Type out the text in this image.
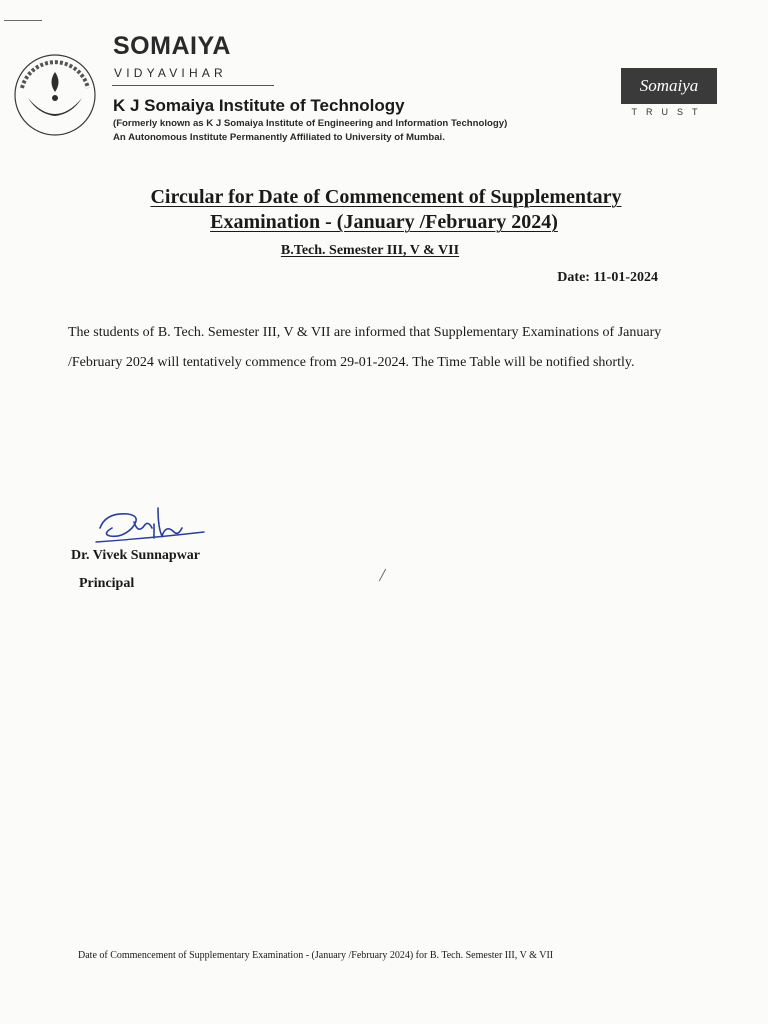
SOMAIYA
VIDYAVIHAR
K J Somaiya Institute of Technology
(Formerly known as K J Somaiya Institute of Engineering and Information Technology)
An Autonomous Institute Permanently Affiliated to University of Mumbai.
Somaiya
TRUST
Circular for Date of Commencement of Supplementary
Examination - (January /February 2024)
B.Tech. Semester III, V & VII
Date: 11-01-2024
The students of B. Tech. Semester III, V & VII are informed that Supplementary Examinations of January /February 2024 will tentatively commence from 29-01-2024. The Time Table will be notified shortly.
Dr. Vivek Sunnapwar
Principal
Date of Commencement of Supplementary Examination - (January /February 2024) for B. Tech. Semester III, V & VII
